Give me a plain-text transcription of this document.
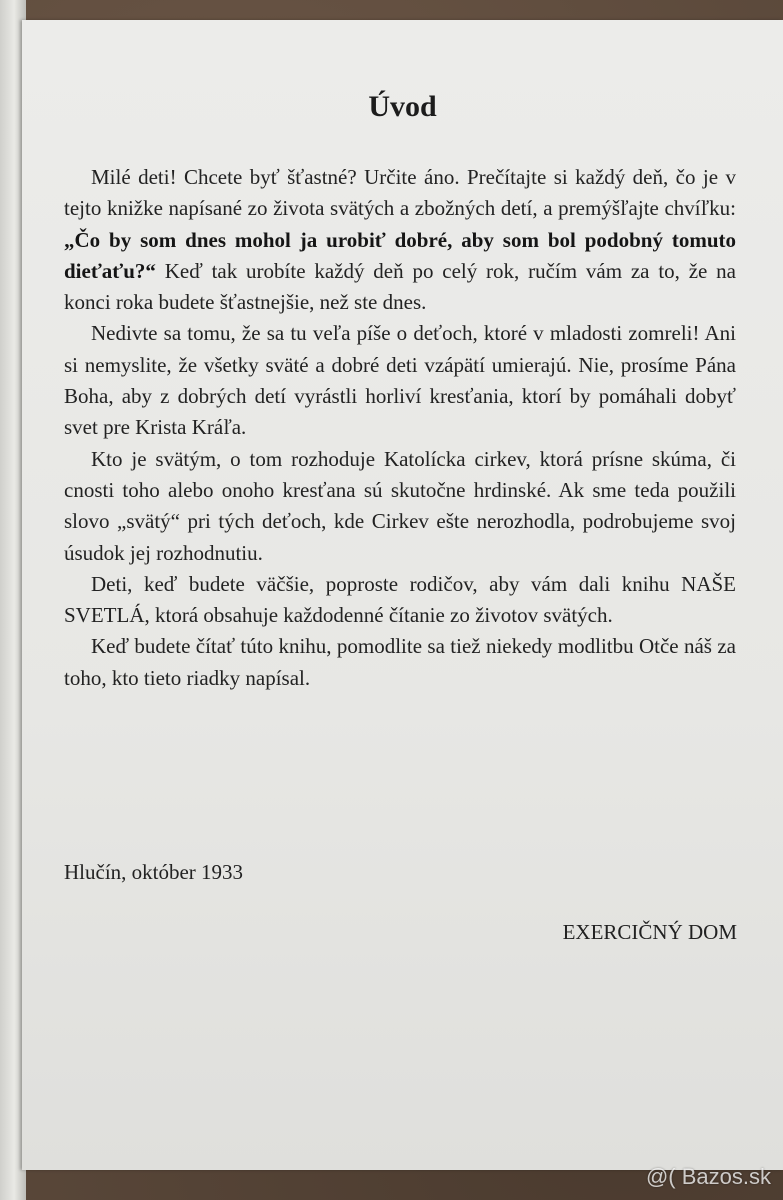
Úvod

Milé deti! Chcete byť šťastné? Určite áno. Prečítajte si každý deň, čo je v tejto knižke napísané zo života svätých a zbožných detí, a premýšľajte chvíľku: „Čo by som dnes mohol ja urobiť dobré, aby som bol podobný tomuto dieťaťu?“ Keď tak urobíte každý deň po celý rok, ručím vám za to, že na konci roka budete šťastnejšie, než ste dnes.

Nedivte sa tomu, že sa tu veľa píše o deťoch, ktoré v mladosti zomreli! Ani si nemyslite, že všetky sväté a dobré deti vzápätí umierajú. Nie, prosíme Pána Boha, aby z dobrých detí vyrástli horliví kresťania, ktorí by pomáhali dobyť svet pre Krista Kráľa.

Kto je svätým, o tom rozhoduje Katolícka cirkev, ktorá prísne skúma, či cnosti toho alebo onoho kresťana sú skutočne hrdinské. Ak sme teda použili slovo „svätý“ pri tých deťoch, kde Cirkev ešte nerozhodla, podrobujeme svoj úsudok jej rozhodnutiu.

Deti, keď budete väčšie, poproste rodičov, aby vám dali knihu NAŠE SVETLÁ, ktorá obsahuje každodenné čítanie zo životov svätých.

Keď budete čítať túto knihu, pomodlite sa tiež niekedy modlitbu Otče náš za toho, kto tieto riadky napísal.

Hlučín, október 1933
EXERCIČNÝ DOM
@( Bazos.sk
